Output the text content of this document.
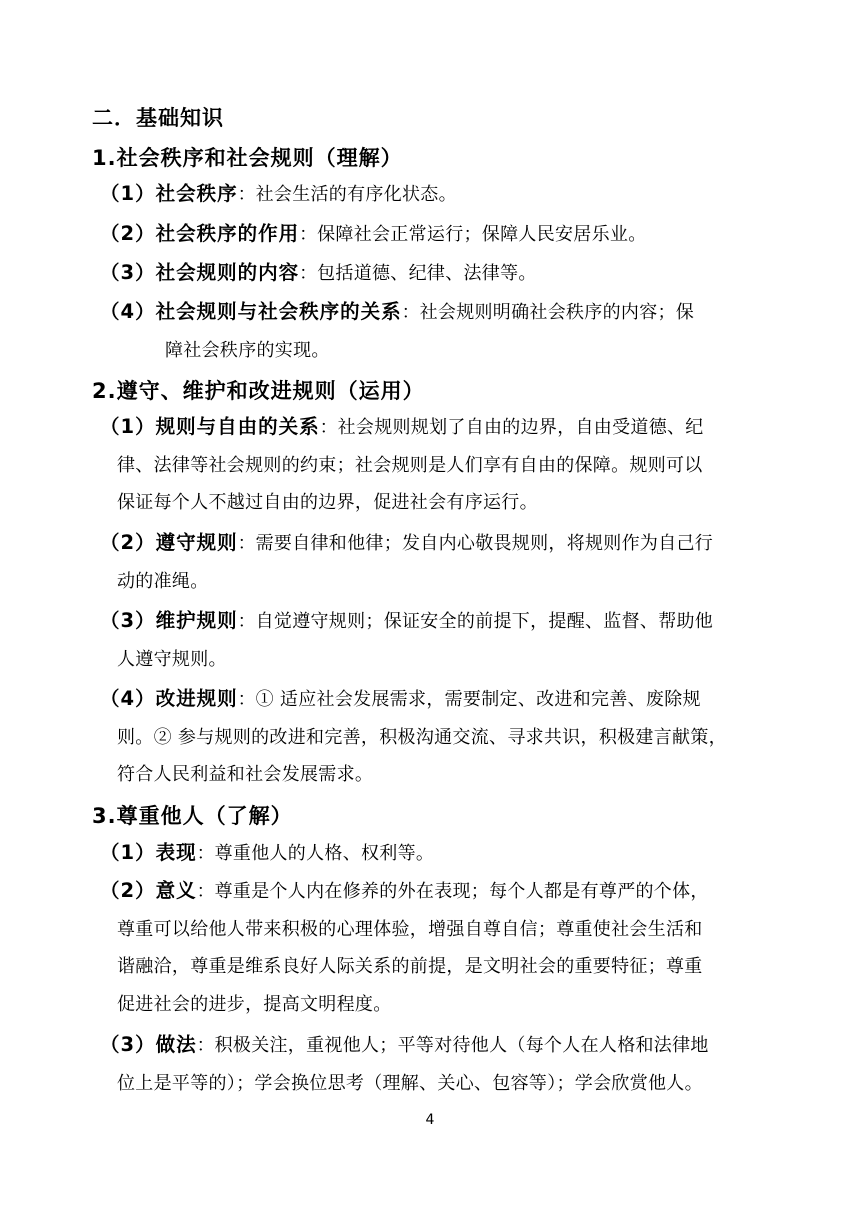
二．基础知识
1.社会秩序和社会规则（理解）
（1）社会秩序：社会生活的有序化状态。
（2）社会秩序的作用：保障社会正常运行；保障人民安居乐业。
（3）社会规则的内容：包括道德、纪律、法律等。
（4）社会规则与社会秩序的关系：社会规则明确社会秩序的内容；保
障社会秩序的实现。
2.遵守、维护和改进规则（运用）
（1）规则与自由的关系：社会规则规划了自由的边界，自由受道德、纪
律、法律等社会规则的约束；社会规则是人们享有自由的保障。规则可以
保证每个人不越过自由的边界，促进社会有序运行。
（2）遵守规则：需要自律和他律；发自内心敬畏规则，将规则作为自己行
动的准绳。
（3）维护规则：自觉遵守规则；保证安全的前提下，提醒、监督、帮助他
人遵守规则。
（4）改进规则：① 适应社会发展需求，需要制定、改进和完善、废除规
则。② 参与规则的改进和完善，积极沟通交流、寻求共识，积极建言献策，
符合人民利益和社会发展需求。
3.尊重他人（了解）
（1）表现：尊重他人的人格、权利等。
（2）意义：尊重是个人内在修养的外在表现；每个人都是有尊严的个体，
尊重可以给他人带来积极的心理体验，增强自尊自信；尊重使社会生活和
谐融洽，尊重是维系良好人际关系的前提，是文明社会的重要特征；尊重
促进社会的进步，提高文明程度。
（3）做法：积极关注，重视他人；平等对待他人（每个人在人格和法律地
位上是平等的）；学会换位思考（理解、关心、包容等）；学会欣赏他人。
4
